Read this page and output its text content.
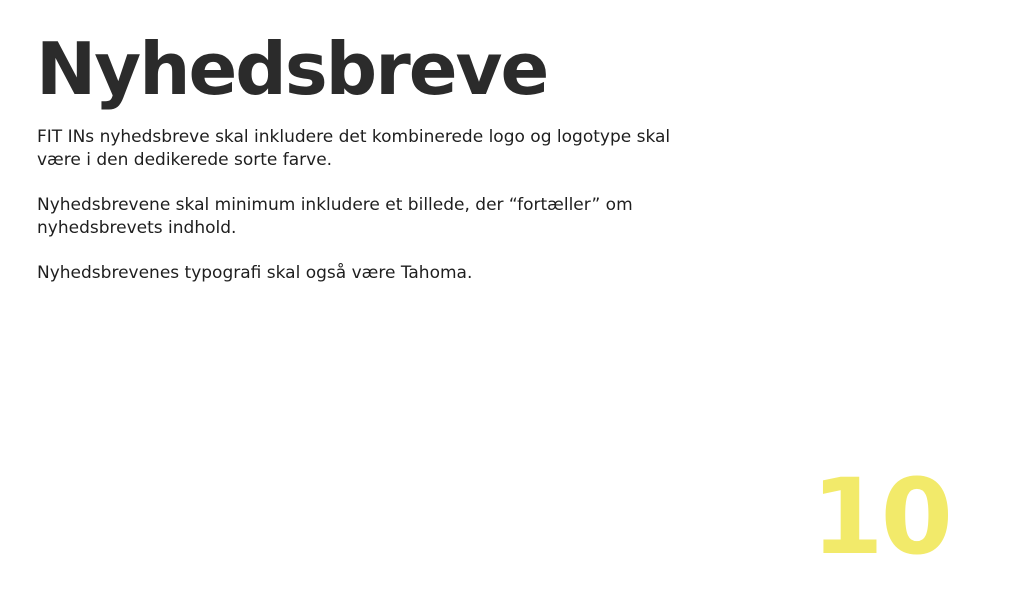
Nyhedsbreve

FIT INs nyhedsbreve skal inkludere det kombinerede logo og logotype skal
være i den dedikerede sorte farve.

Nyhedsbrevene skal minimum inkludere et billede, der “fortæller” om
nyhedsbrevets indhold.

Nyhedsbrevenes typografi skal også være Tahoma.

10
